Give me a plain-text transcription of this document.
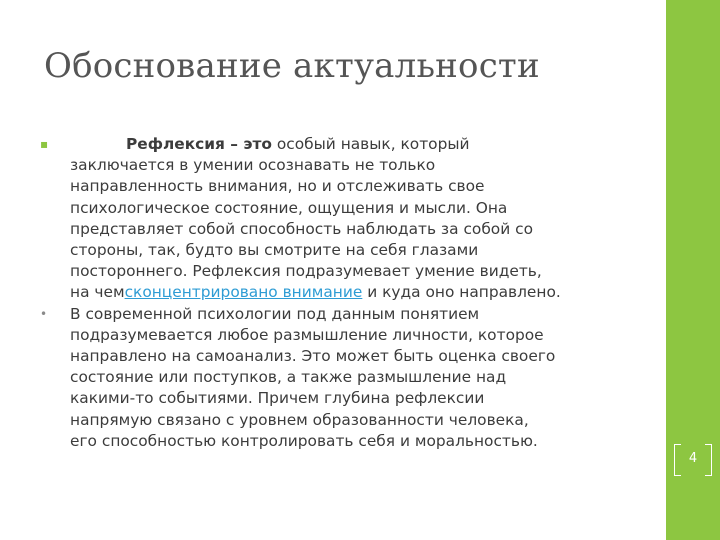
Обоснование актуальности
▪	Рефлексия – это особый навык, который
заключается в умении осознавать не только
направленность внимания, но и отслеживать свое
психологическое состояние, ощущения и мысли. Она
представляет собой способность наблюдать за собой со
стороны, так, будто вы смотрите на себя глазами
постороннего. Рефлексия подразумевает умение видеть,
на чемсконцентрировано внимание и куда оно направлено.
•	В современной психологии под данным понятием
подразумевается любое размышление личности, которое
направлено на самоанализ. Это может быть оценка своего
состояние или поступков, а также размышление над
какими-то событиями. Причем глубина рефлексии
напрямую связано с уровнем образованности человека,
его способностью контролировать себя и моральностью.
4
